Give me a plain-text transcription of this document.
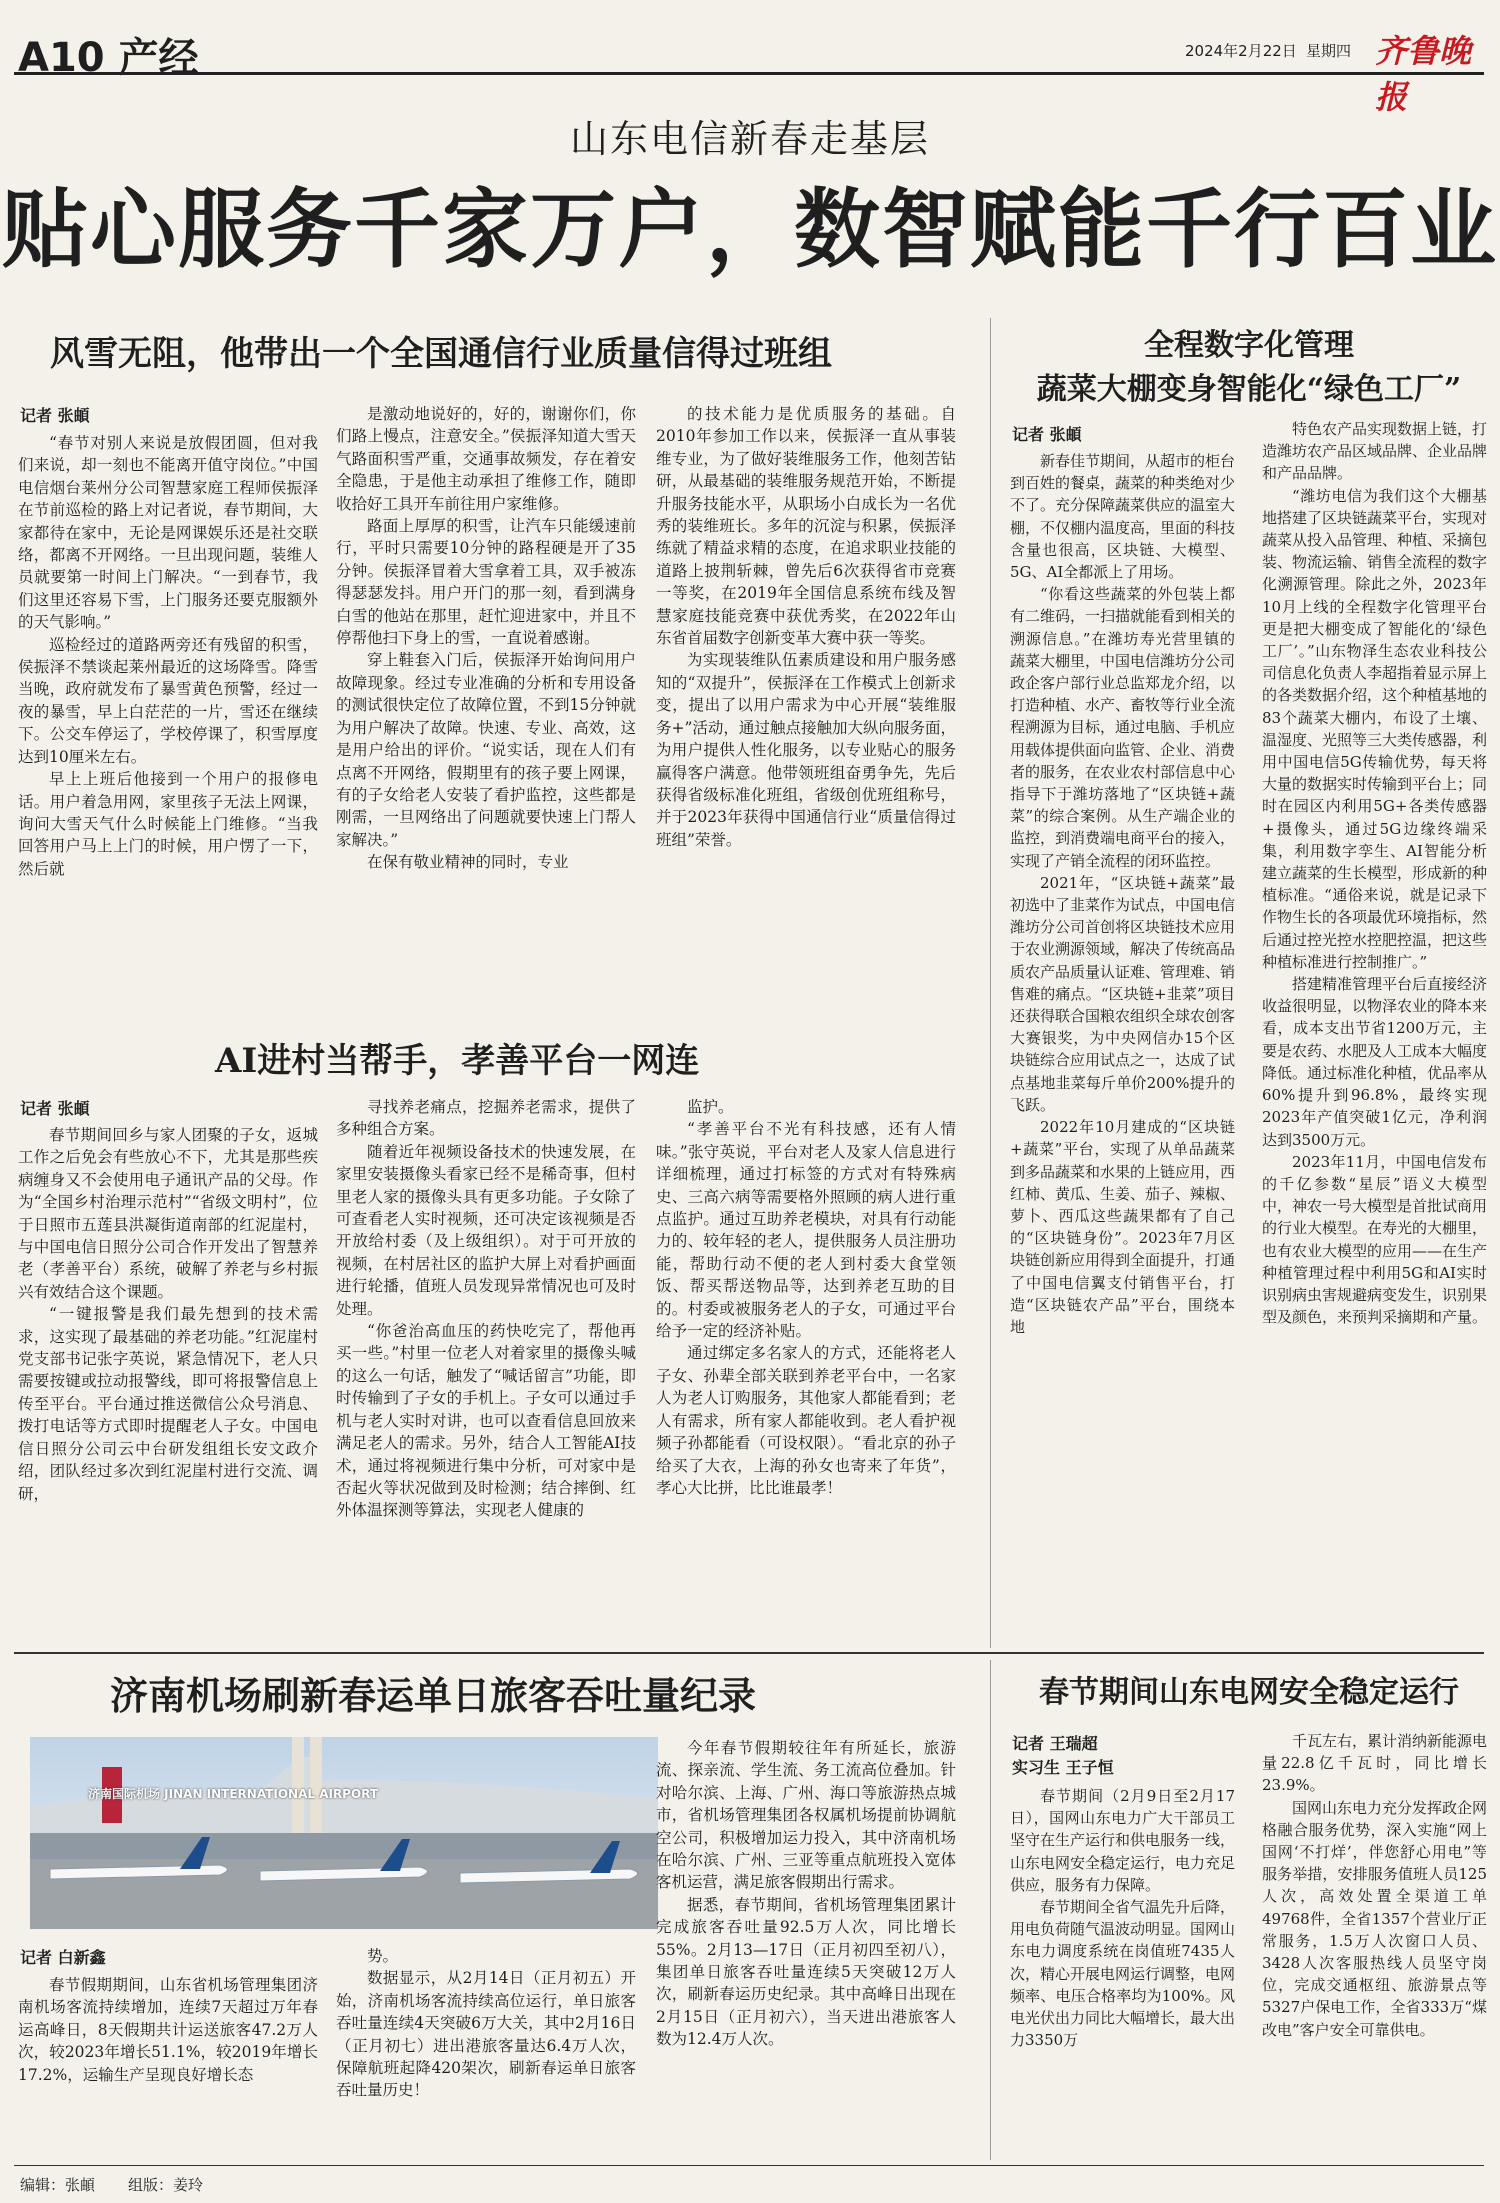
A10 产经	2024年2月22日 星期四 齐鲁晚报
山东电信新春走基层
贴心服务千家万户，数智赋能千行百业
风雪无阻，他带出一个全国通信行业质量信得过班组
记者 张頔

“春节对别人来说是放假团圆，但对我们来说，却一刻也不能离开值守岗位。”中国电信烟台莱州分公司智慧家庭工程师侯振泽在节前巡检的路上对记者说，春节期间，大家都待在家中，无论是网课娱乐还是社交联络，都离不开网络。一旦出现问题，装维人员就要第一时间上门解决。“一到春节，我们这里还容易下雪，上门服务还要克服额外的天气影响。”

巡检经过的道路两旁还有残留的积雪，侯振泽不禁谈起莱州最近的这场降雪。降雪当晚，政府就发布了暴雪黄色预警，经过一夜的暴雪，早上白茫茫的一片，雪还在继续下。公交车停运了，学校停课了，积雪厚度达到10厘米左右。

早上上班后他接到一个用户的报修电话。用户着急用网，家里孩子无法上网课，询问大雪天气什么时候能上门维修。“当我回答用户马上上门的时候，用户愣了一下，然后就

是激动地说好的，好的，谢谢你们，你们路上慢点，注意安全。”侯振泽知道大雪天气路面积雪严重，交通事故频发，存在着安全隐患，于是他主动承担了维修工作，随即收拾好工具开车前往用户家维修。

路面上厚厚的积雪，让汽车只能缓速前行，平时只需要10分钟的路程硬是开了35分钟。侯振泽冒着大雪拿着工具，双手被冻得瑟瑟发抖。用户开门的那一刻，看到满身白雪的他站在那里，赶忙迎进家中，并且不停帮他扫下身上的雪，一直说着感谢。

穿上鞋套入门后，侯振泽开始询问用户故障现象。经过专业准确的分析和专用设备的测试很快定位了故障位置，不到15分钟就为用户解决了故障。快速、专业、高效，这是用户给出的评价。“说实话，现在人们有点离不开网络，假期里有的孩子要上网课，有的子女给老人安装了看护监控，这些都是刚需，一旦网络出了问题就要快速上门帮人家解决。”

在保有敬业精神的同时，专业

的技术能力是优质服务的基础。自2010年参加工作以来，侯振泽一直从事装维专业，为了做好装维服务工作，他刻苦钻研，从最基础的装维服务规范开始，不断提升服务技能水平，从职场小白成长为一名优秀的装维班长。多年的沉淀与积累，侯振泽练就了精益求精的态度，在追求职业技能的道路上披荆斩棘，曾先后6次获得省市竞赛一等奖，在2019年全国信息系统布线及智慧家庭技能竞赛中获优秀奖，在2022年山东省首届数字创新变革大赛中获一等奖。

为实现装维队伍素质建设和用户服务感知的“双提升”，侯振泽在工作模式上创新求变，提出了以用户需求为中心开展“装维服务+”活动，通过触点接触加大纵向服务面，为用户提供人性化服务，以专业贴心的服务赢得客户满意。他带领班组奋勇争先，先后获得省级标准化班组，省级创优班组称号，并于2023年获得中国通信行业“质量信得过班组”荣誉。

AI进村当帮手，孝善平台一网连
记者 张頔

春节期间回乡与家人团聚的子女，返城工作之后免会有些放心不下，尤其是那些疾病缠身又不会使用电子通讯产品的父母。作为“全国乡村治理示范村”“省级文明村”，位于日照市五莲县洪凝街道南部的红泥崖村，与中国电信日照分公司合作开发出了智慧养老（孝善平台）系统，破解了养老与乡村振兴有效结合这个课题。

“一键报警是我们最先想到的技术需求，这实现了最基础的养老功能。”红泥崖村党支部书记张字英说，紧急情况下，老人只需要按键或拉动报警线，即可将报警信息上传至平台。平台通过推送微信公众号消息、拨打电话等方式即时提醒老人子女。中国电信日照分公司云中台研发组组长安文政介绍，团队经过多次到红泥崖村进行交流、调研，

寻找养老痛点，挖掘养老需求，提供了多种组合方案。

随着近年视频设备技术的快速发展，在家里安装摄像头看家已经不是稀奇事，但村里老人家的摄像头具有更多功能。子女除了可查看老人实时视频，还可决定该视频是否开放给村委（及上级组织）。对于可开放的视频，在村居社区的监护大屏上对看护画面进行轮播，值班人员发现异常情况也可及时处理。

“你爸治高血压的药快吃完了，帮他再买一些。”村里一位老人对着家里的摄像头喊的这么一句话，触发了“喊话留言”功能，即时传输到了子女的手机上。子女可以通过手机与老人实时对讲，也可以查看信息回放来满足老人的需求。另外，结合人工智能AI技术，通过将视频进行集中分析，可对家中是否起火等状况做到及时检测；结合摔倒、红外体温探测等算法，实现老人健康的

监护。

“孝善平台不光有科技感，还有人情味。”张守英说，平台对老人及家人信息进行详细梳理，通过打标签的方式对有特殊病史、三高六病等需要格外照顾的病人进行重点监护。通过互助养老模块，对具有行动能力的、较年轻的老人，提供服务人员注册功能，帮助行动不便的老人到村委大食堂领饭、帮买帮送物品等，达到养老互助的目的。村委或被服务老人的子女，可通过平台给予一定的经济补贴。

通过绑定多名家人的方式，还能将老人子女、孙辈全部关联到养老平台中，一名家人为老人订购服务，其他家人都能看到；老人有需求，所有家人都能收到。老人看护视频子孙都能看（可设权限）。“看北京的孙子给买了大衣，上海的孙女也寄来了年货”，孝心大比拼，比比谁最孝！

全程数字化管理
蔬菜大棚变身智能化“绿色工厂”
记者 张頔

新春佳节期间，从超市的柜台到百姓的餐桌，蔬菜的种类绝对少不了。充分保障蔬菜供应的温室大棚，不仅棚内温度高，里面的科技含量也很高，区块链、大模型、5G、AI全都派上了用场。

“你看这些蔬菜的外包装上都有二维码，一扫描就能看到相关的溯源信息。”在潍坊寿光营里镇的蔬菜大棚里，中国电信潍坊分公司政企客户部行业总监郑龙介绍，以打造种植、水产、畜牧等行业全流程溯源为目标，通过电脑、手机应用载体提供面向监管、企业、消费者的服务，在农业农村部信息中心指导下于潍坊落地了“区块链+蔬菜”的综合案例。从生产端企业的监控，到消费端电商平台的接入，实现了产销全流程的闭环监控。

2021年，“区块链+蔬菜”最初选中了韭菜作为试点，中国电信潍坊分公司首创将区块链技术应用于农业溯源领域，解决了传统高品质农产品质量认证难、管理难、销售难的痛点。“区块链+韭菜”项目还获得联合国粮农组织全球农创客大赛银奖，为中央网信办15个区块链综合应用试点之一，达成了试点基地韭菜每斤单价200%提升的飞跃。

2022年10月建成的“区块链+蔬菜”平台，实现了从单品蔬菜到多品蔬菜和水果的上链应用，西红柿、黄瓜、生姜、茄子、辣椒、萝卜、西瓜这些蔬果都有了自己的“区块链身份”。2023年7月区块链创新应用得到全面提升，打通了中国电信翼支付销售平台，打造“区块链农产品”平台，围绕本地

特色农产品实现数据上链，打造潍坊农产品区域品牌、企业品牌和产品品牌。

“潍坊电信为我们这个大棚基地搭建了区块链蔬菜平台，实现对蔬菜从投入品管理、种植、采摘包装、物流运输、销售全流程的数字化溯源管理。除此之外，2023年10月上线的全程数字化管理平台更是把大棚变成了智能化的‘绿色工厂’。”山东物泽生态农业科技公司信息化负责人李超指着显示屏上的各类数据介绍，这个种植基地的83个蔬菜大棚内，布设了土壤、温湿度、光照等三大类传感器，利用中国电信5G传输优势，每天将大量的数据实时传输到平台上；同时在园区内利用5G+各类传感器+摄像头，通过5G边缘终端采集，利用数字孪生、AI智能分析建立蔬菜的生长模型，形成新的种植标准。“通俗来说，就是记录下作物生长的各项最优环境指标，然后通过控光控水控肥控温，把这些种植标准进行控制推广。”

搭建精准管理平台后直接经济收益很明显，以物泽农业的降本来看，成本支出节省1200万元，主要是农药、水肥及人工成本大幅度降低。通过标准化种植，优品率从60%提升到96.8%，最终实现2023年产值突破1亿元，净利润达到3500万元。

2023年11月，中国电信发布的千亿参数“星辰”语义大模型中，神农一号大模型是首批试商用的行业大模型。在寿光的大棚里，也有农业大模型的应用——在生产种植管理过程中利用5G和AI实时识别病虫害规避病变发生，识别果型及颜色，来预判采摘期和产量。

济南机场刷新春运单日旅客吞吐量纪录
济南国际机场 JINAN INTERNATIONAL AIRPORT
记者 白新鑫

春节假期期间，山东省机场管理集团济南机场客流持续增加，连续7天超过万年春运高峰日，8天假期共计运送旅客47.2万人次，较2023年增长51.1%，较2019年增长17.2%，运输生产呈现良好增长态

势。

数据显示，从2月14日（正月初五）开始，济南机场客流持续高位运行，单日旅客吞吐量连续4天突破6万大关，其中2月16日（正月初七）进出港旅客量达6.4万人次，保障航班起降420架次，刷新春运单日旅客吞吐量历史！

今年春节假期较往年有所延长，旅游流、探亲流、学生流、务工流高位叠加。针对哈尔滨、上海、广州、海口等旅游热点城市，省机场管理集团各权属机场提前协调航空公司，积极增加运力投入，其中济南机场在哈尔滨、广州、三亚等重点航班投入宽体客机运营，满足旅客假期出行需求。

据悉，春节期间，省机场管理集团累计完成旅客吞吐量92.5万人次，同比增长55%。2月13—17日（正月初四至初八），集团单日旅客吞吐量连续5天突破12万人次，刷新春运历史纪录。其中高峰日出现在2月15日（正月初六），当天进出港旅客人数为12.4万人次。

春节期间山东电网安全稳定运行
记者 王瑞超
实习生 王子恒

春节期间（2月9日至2月17日），国网山东电力广大干部员工坚守在生产运行和供电服务一线，山东电网安全稳定运行，电力充足供应，服务有力保障。

春节期间全省气温先升后降，用电负荷随气温波动明显。国网山东电力调度系统在岗值班7435人次，精心开展电网运行调整，电网频率、电压合格率均为100%。风电光伏出力同比大幅增长，最大出力3350万

千瓦左右，累计消纳新能源电量22.8亿千瓦时，同比增长23.9%。

国网山东电力充分发挥政企网格融合服务优势，深入实施“网上国网‘不打烊’，伴您舒心用电”等服务举措，安排服务值班人员125人次，高效处置全渠道工单49768件，全省1357个营业厅正常服务，1.5万人次窗口人员、3428人次客服热线人员坚守岗位，完成交通枢纽、旅游景点等5327户保电工作，全省333万“煤改电”客户安全可靠供电。

编辑：张頔 组版：姜玲
